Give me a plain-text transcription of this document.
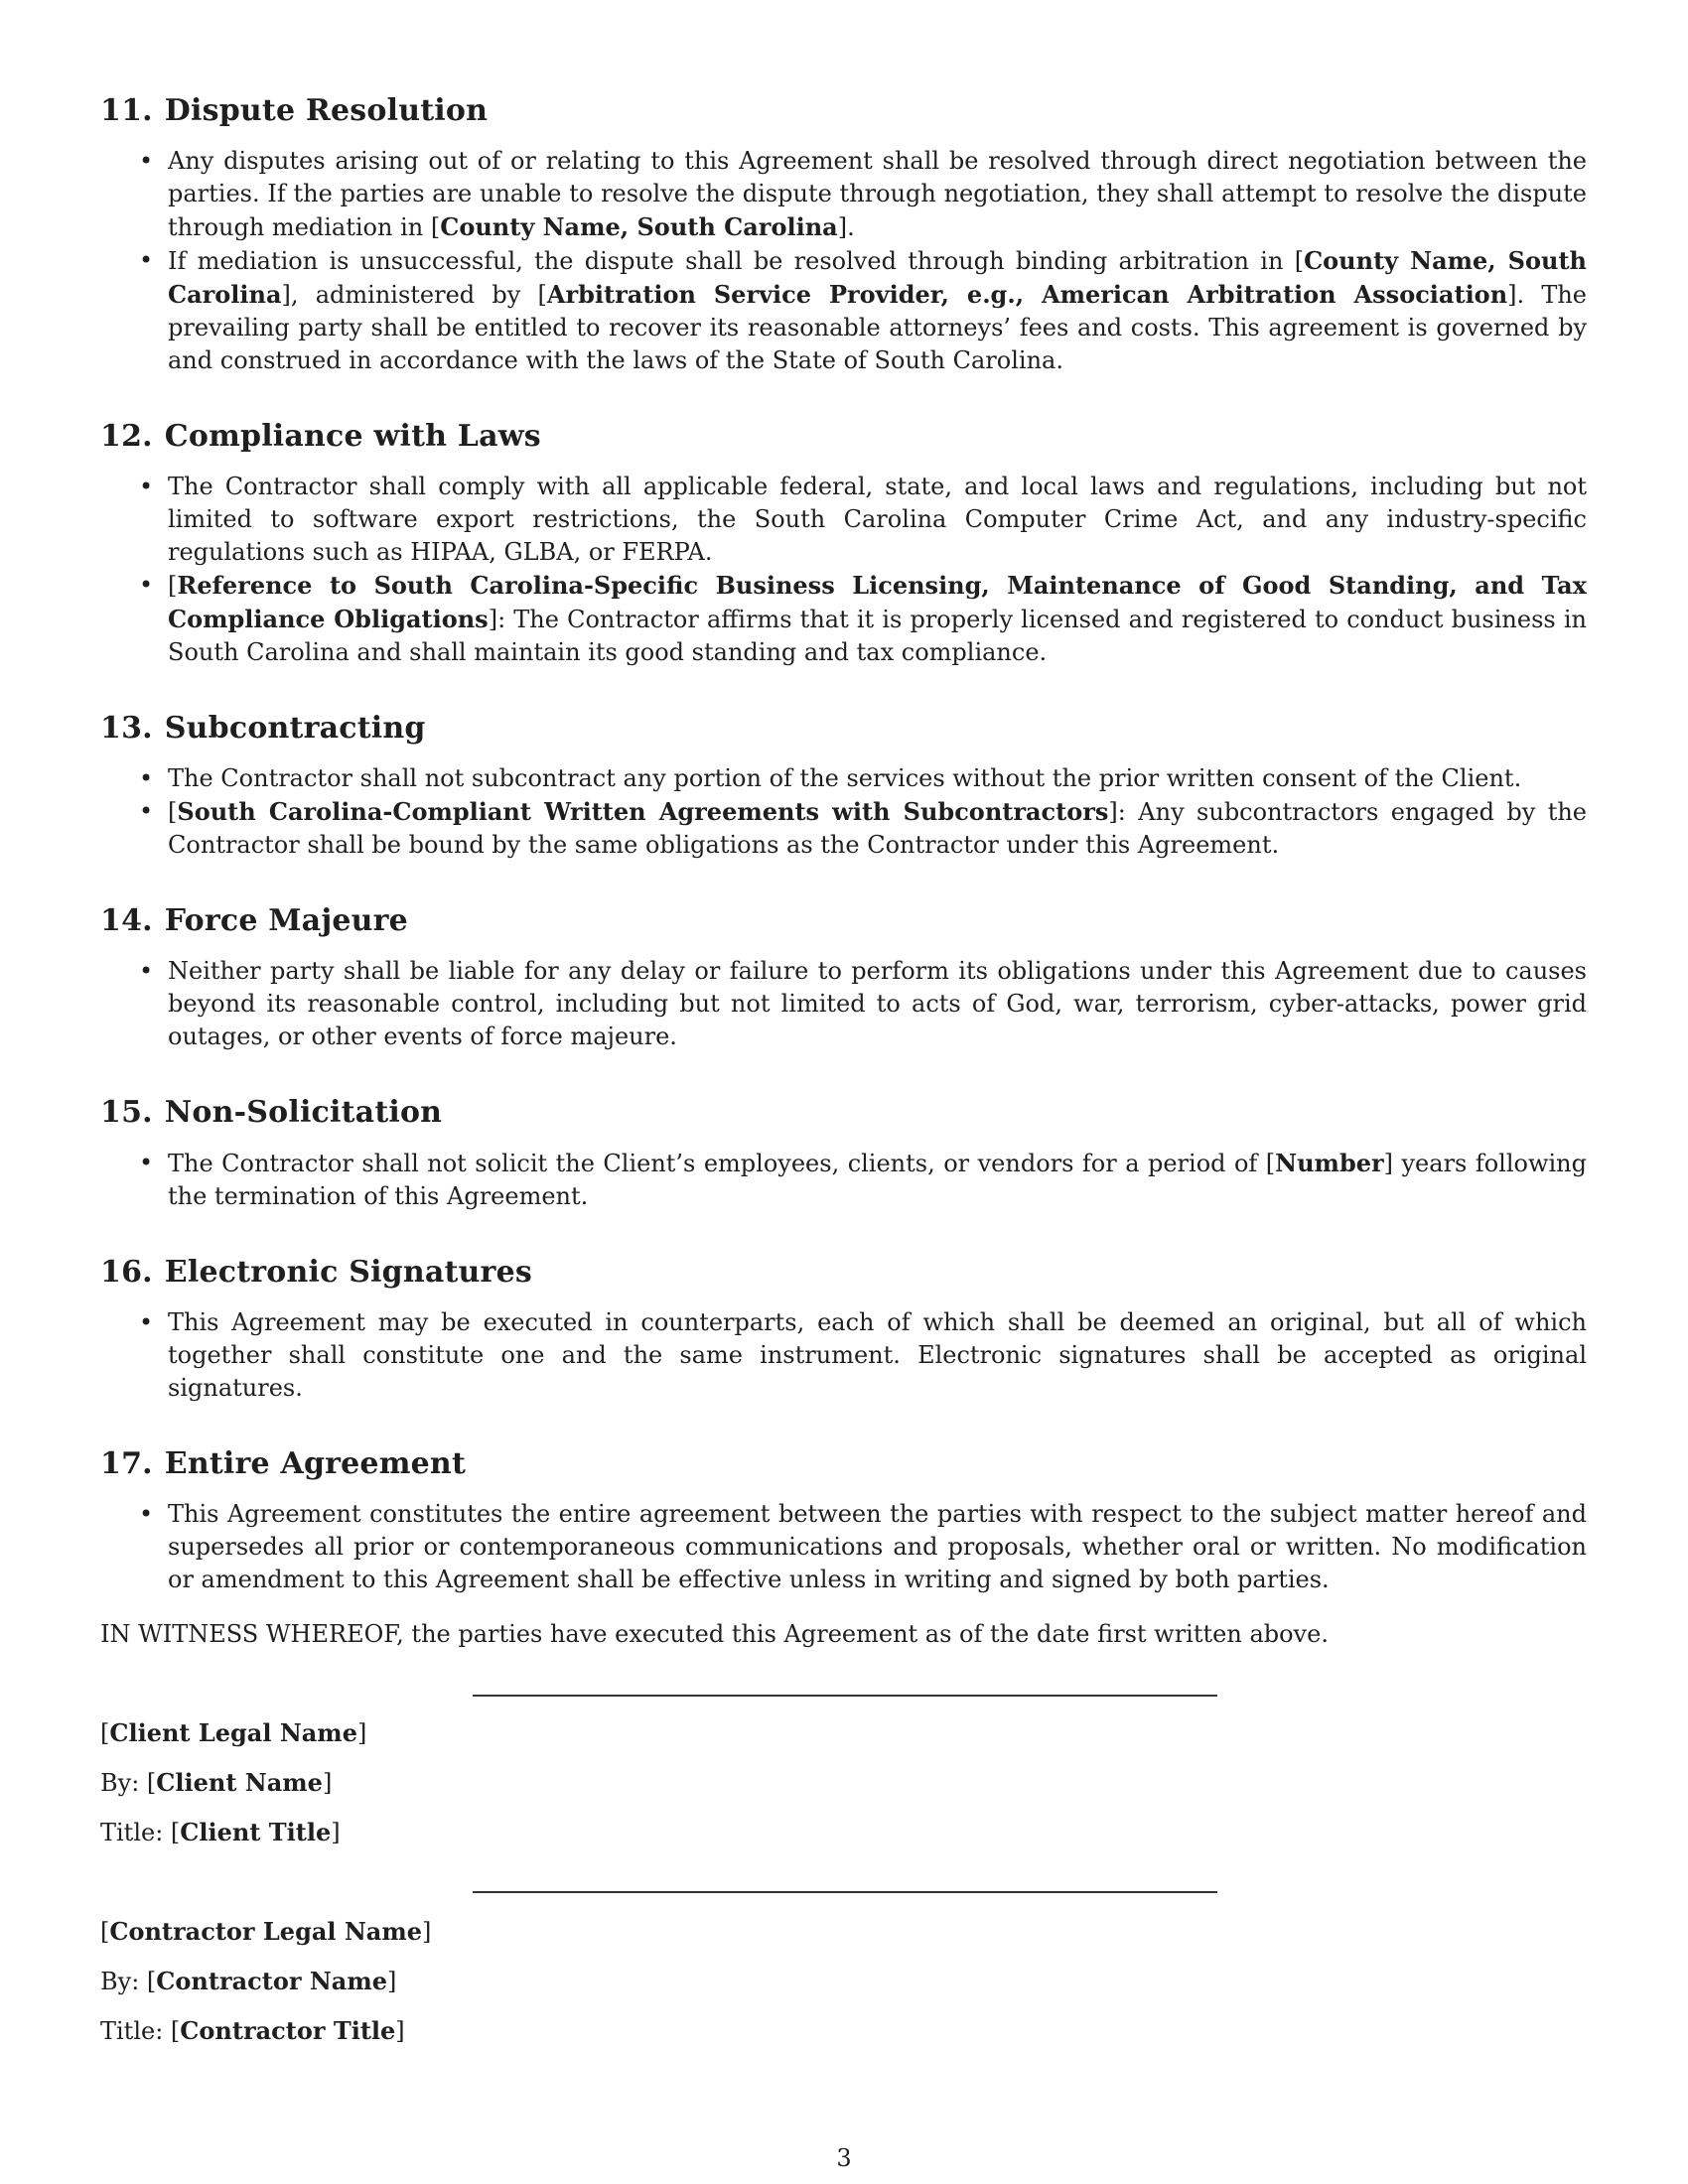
11. Dispute Resolution
• Any disputes arising out of or relating to this Agreement shall be resolved through direct negotiation between the parties. If the parties are unable to resolve the dispute through negotiation, they shall attempt to resolve the dispute through mediation in [County Name, South Carolina].
• If mediation is unsuccessful, the dispute shall be resolved through binding arbitration in [County Name, South Carolina], administered by [Arbitration Service Provider, e.g., American Arbitration Association]. The prevailing party shall be entitled to recover its reasonable attorneys’ fees and costs. This agreement is governed by and construed in accordance with the laws of the State of South Carolina.
12. Compliance with Laws
• The Contractor shall comply with all applicable federal, state, and local laws and regulations, including but not limited to software export restrictions, the South Carolina Computer Crime Act, and any industry-specific regulations such as HIPAA, GLBA, or FERPA.
• [Reference to South Carolina-Specific Business Licensing, Maintenance of Good Standing, and Tax Compliance Obligations]: The Contractor affirms that it is properly licensed and registered to conduct business in South Carolina and shall maintain its good standing and tax compliance.
13. Subcontracting
• The Contractor shall not subcontract any portion of the services without the prior written consent of the Client.
• [South Carolina-Compliant Written Agreements with Subcontractors]: Any subcontractors engaged by the Contractor shall be bound by the same obligations as the Contractor under this Agreement.
14. Force Majeure
• Neither party shall be liable for any delay or failure to perform its obligations under this Agreement due to causes beyond its reasonable control, including but not limited to acts of God, war, terrorism, cyber-attacks, power grid outages, or other events of force majeure.
15. Non-Solicitation
• The Contractor shall not solicit the Client’s employees, clients, or vendors for a period of [Number] years following the termination of this Agreement.
16. Electronic Signatures
• This Agreement may be executed in counterparts, each of which shall be deemed an original, but all of which together shall constitute one and the same instrument. Electronic signatures shall be accepted as original signatures.
17. Entire Agreement
• This Agreement constitutes the entire agreement between the parties with respect to the subject matter hereof and supersedes all prior or contemporaneous communications and proposals, whether oral or written. No modification or amendment to this Agreement shall be effective unless in writing and signed by both parties.
IN WITNESS WHEREOF, the parties have executed this Agreement as of the date first written above.

[Client Legal Name]

By: [Client Name]

Title: [Client Title]

[Contractor Legal Name]

By: [Contractor Name]

Title: [Contractor Title]

3
